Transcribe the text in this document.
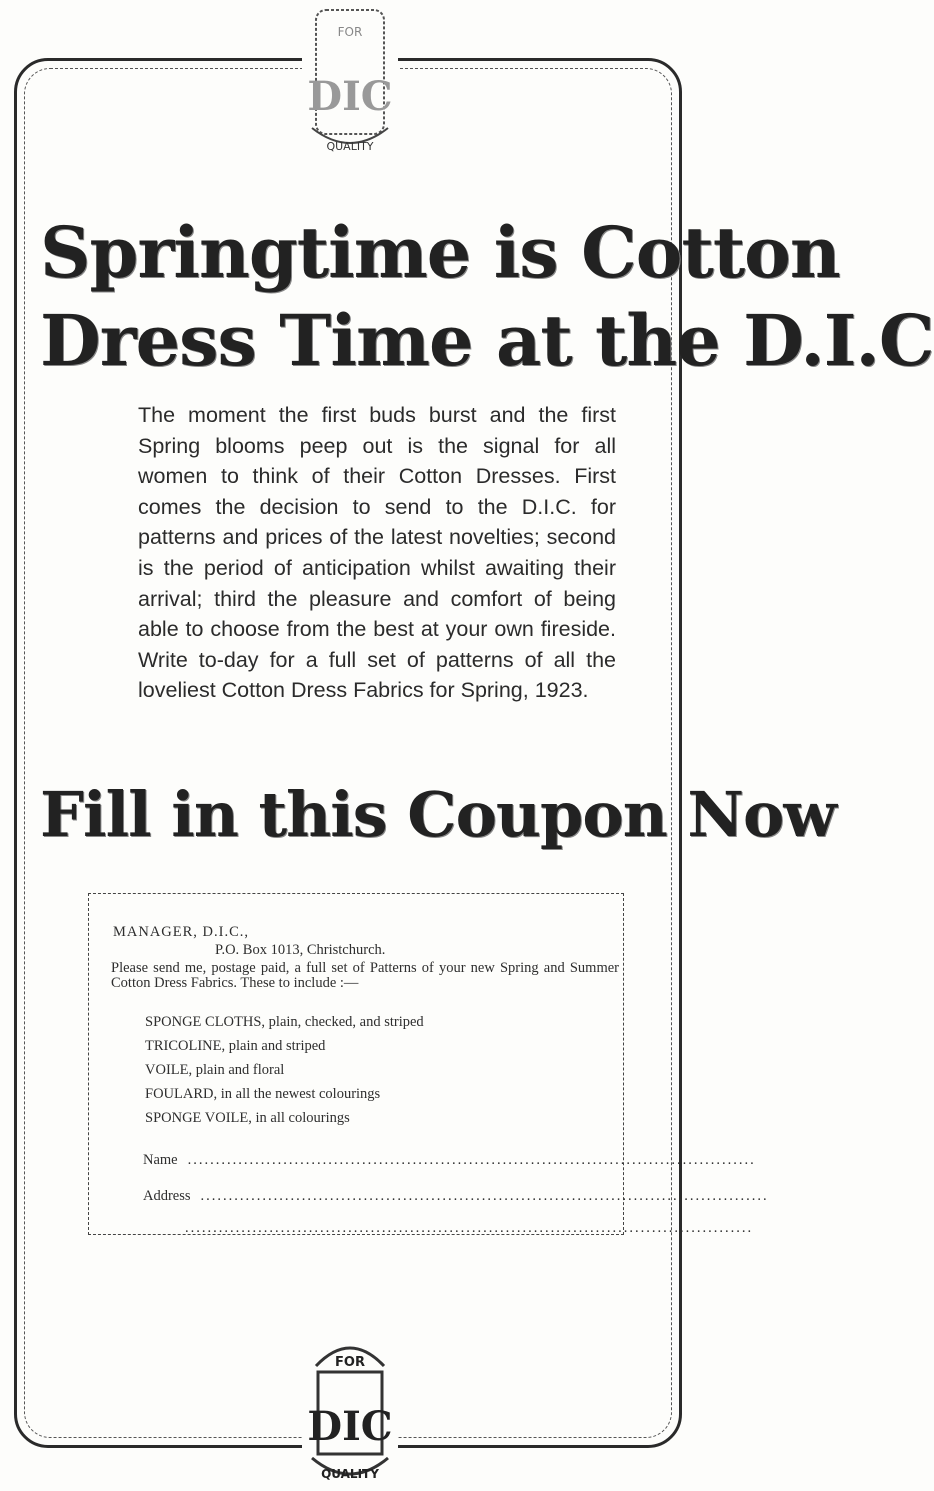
FOR
DIC
QUALITY
Springtime is Cotton
Dress Time at the D.I.C
The moment the first buds burst and the first Spring blooms peep out is the signal for all women to think of their Cotton Dresses. First comes the decision to send to the D.I.C. for patterns and prices of the latest novelties; second is the period of anticipation whilst awaiting their arrival; third the pleasure and comfort of being able to choose from the best at your own fireside. Write to-day for a full set of patterns of all the loveliest Cotton Dress Fabrics for Spring, 1923.
Fill in this Coupon Now
MANAGER, D.I.C.,
P.O. Box 1013, Christchurch.
Please send me, postage paid, a full set of Patterns of your new Spring and Summer Cotton Dress Fabrics. These to include :—
SPONGE CLOTHS, plain, checked, and striped
TRICOLINE, plain and striped
VOILE, plain and floral
FOULARD, in all the newest colourings
SPONGE VOILE, in all colourings
Name .....................................................................................................
Address .....................................................................................................
.....................................................................................................
FOR
DIC
QUALITY
